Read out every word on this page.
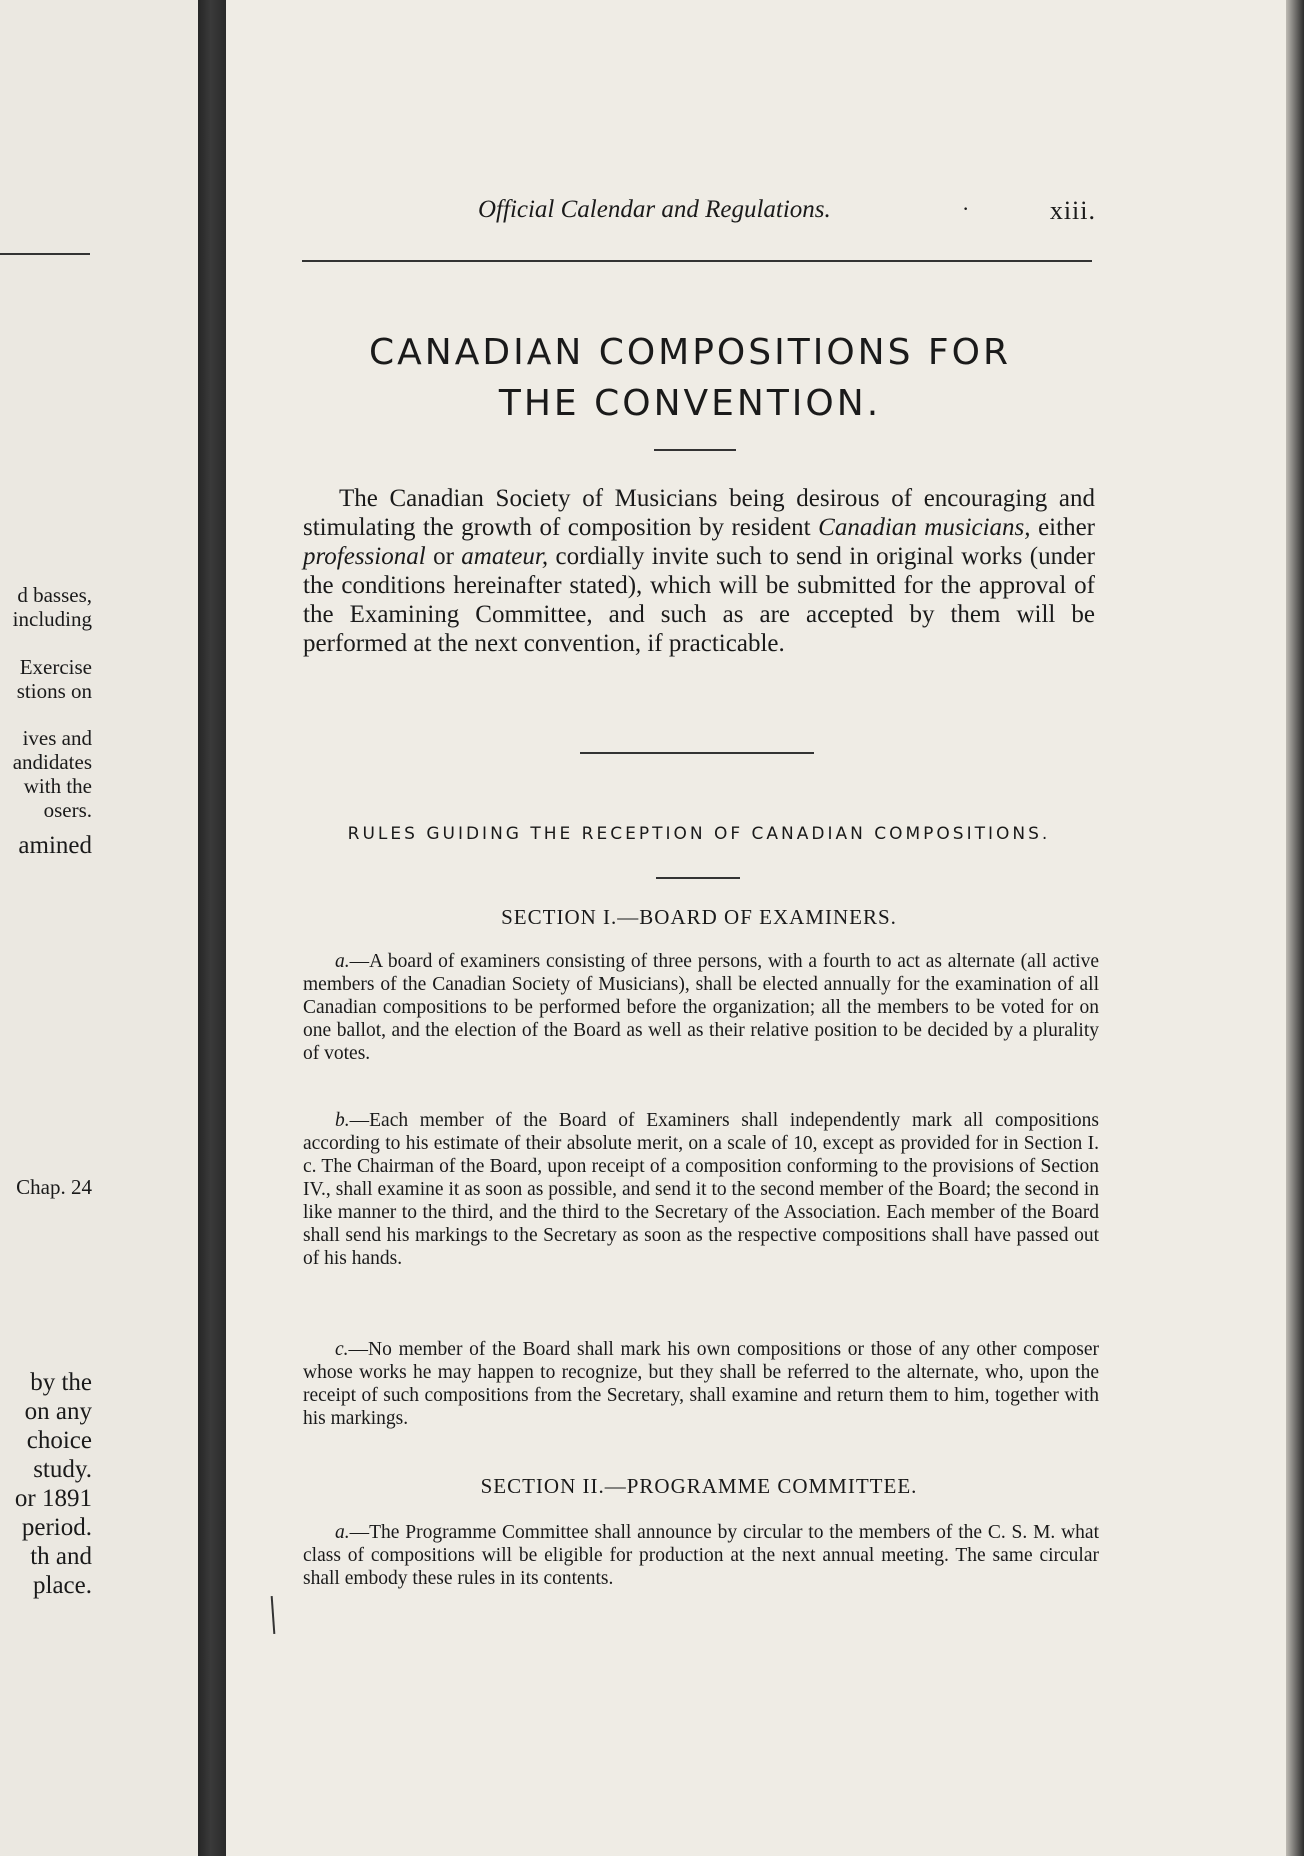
d basses,
including
Exercise
stions on
ives and
andidates
with the
osers.
amined
Chap. 24
by the
on any
choice
study.
or 1891
period.
th and
place.
Official Calendar and Regulations.	·	xiii.
CANADIAN COMPOSITIONS FOR
THE CONVENTION.

The Canadian Society of Musicians being desirous of encouraging and stimulating the growth of composition by resident Canadian musicians, either professional or amateur, cordially invite such to send in original works (under the conditions hereinafter stated), which will be submitted for the approval of the Examining Committee, and such as are accepted by them will be performed at the next convention, if practicable.

RULES GUIDING THE RECEPTION OF CANADIAN COMPOSITIONS.
SECTION I.—BOARD OF EXAMINERS.

a.—A board of examiners consisting of three persons, with a fourth to act as alternate (all active members of the Canadian Society of Musicians), shall be elected annually for the examination of all Canadian compositions to be performed before the organization; all the members to be voted for on one ballot, and the election of the Board as well as their relative position to be decided by a plurality of votes.

b.—Each member of the Board of Examiners shall independently mark all compositions according to his estimate of their absolute merit, on a scale of 10, except as provided for in Section I. c. The Chairman of the Board, upon receipt of a composition conforming to the provisions of Section IV., shall examine it as soon as possible, and send it to the second member of the Board; the second in like manner to the third, and the third to the Secretary of the Association. Each member of the Board shall send his markings to the Secretary as soon as the respective compositions shall have passed out of his hands.

c.—No member of the Board shall mark his own compositions or those of any other composer whose works he may happen to recognize, but they shall be referred to the alternate, who, upon the receipt of such compositions from the Secretary, shall examine and return them to him, together with his markings.

SECTION II.—PROGRAMME COMMITTEE.

a.—The Programme Committee shall announce by circular to the members of the C. S. M. what class of compositions will be eligible for production at the next annual meeting. The same circular shall embody these rules in its contents.
